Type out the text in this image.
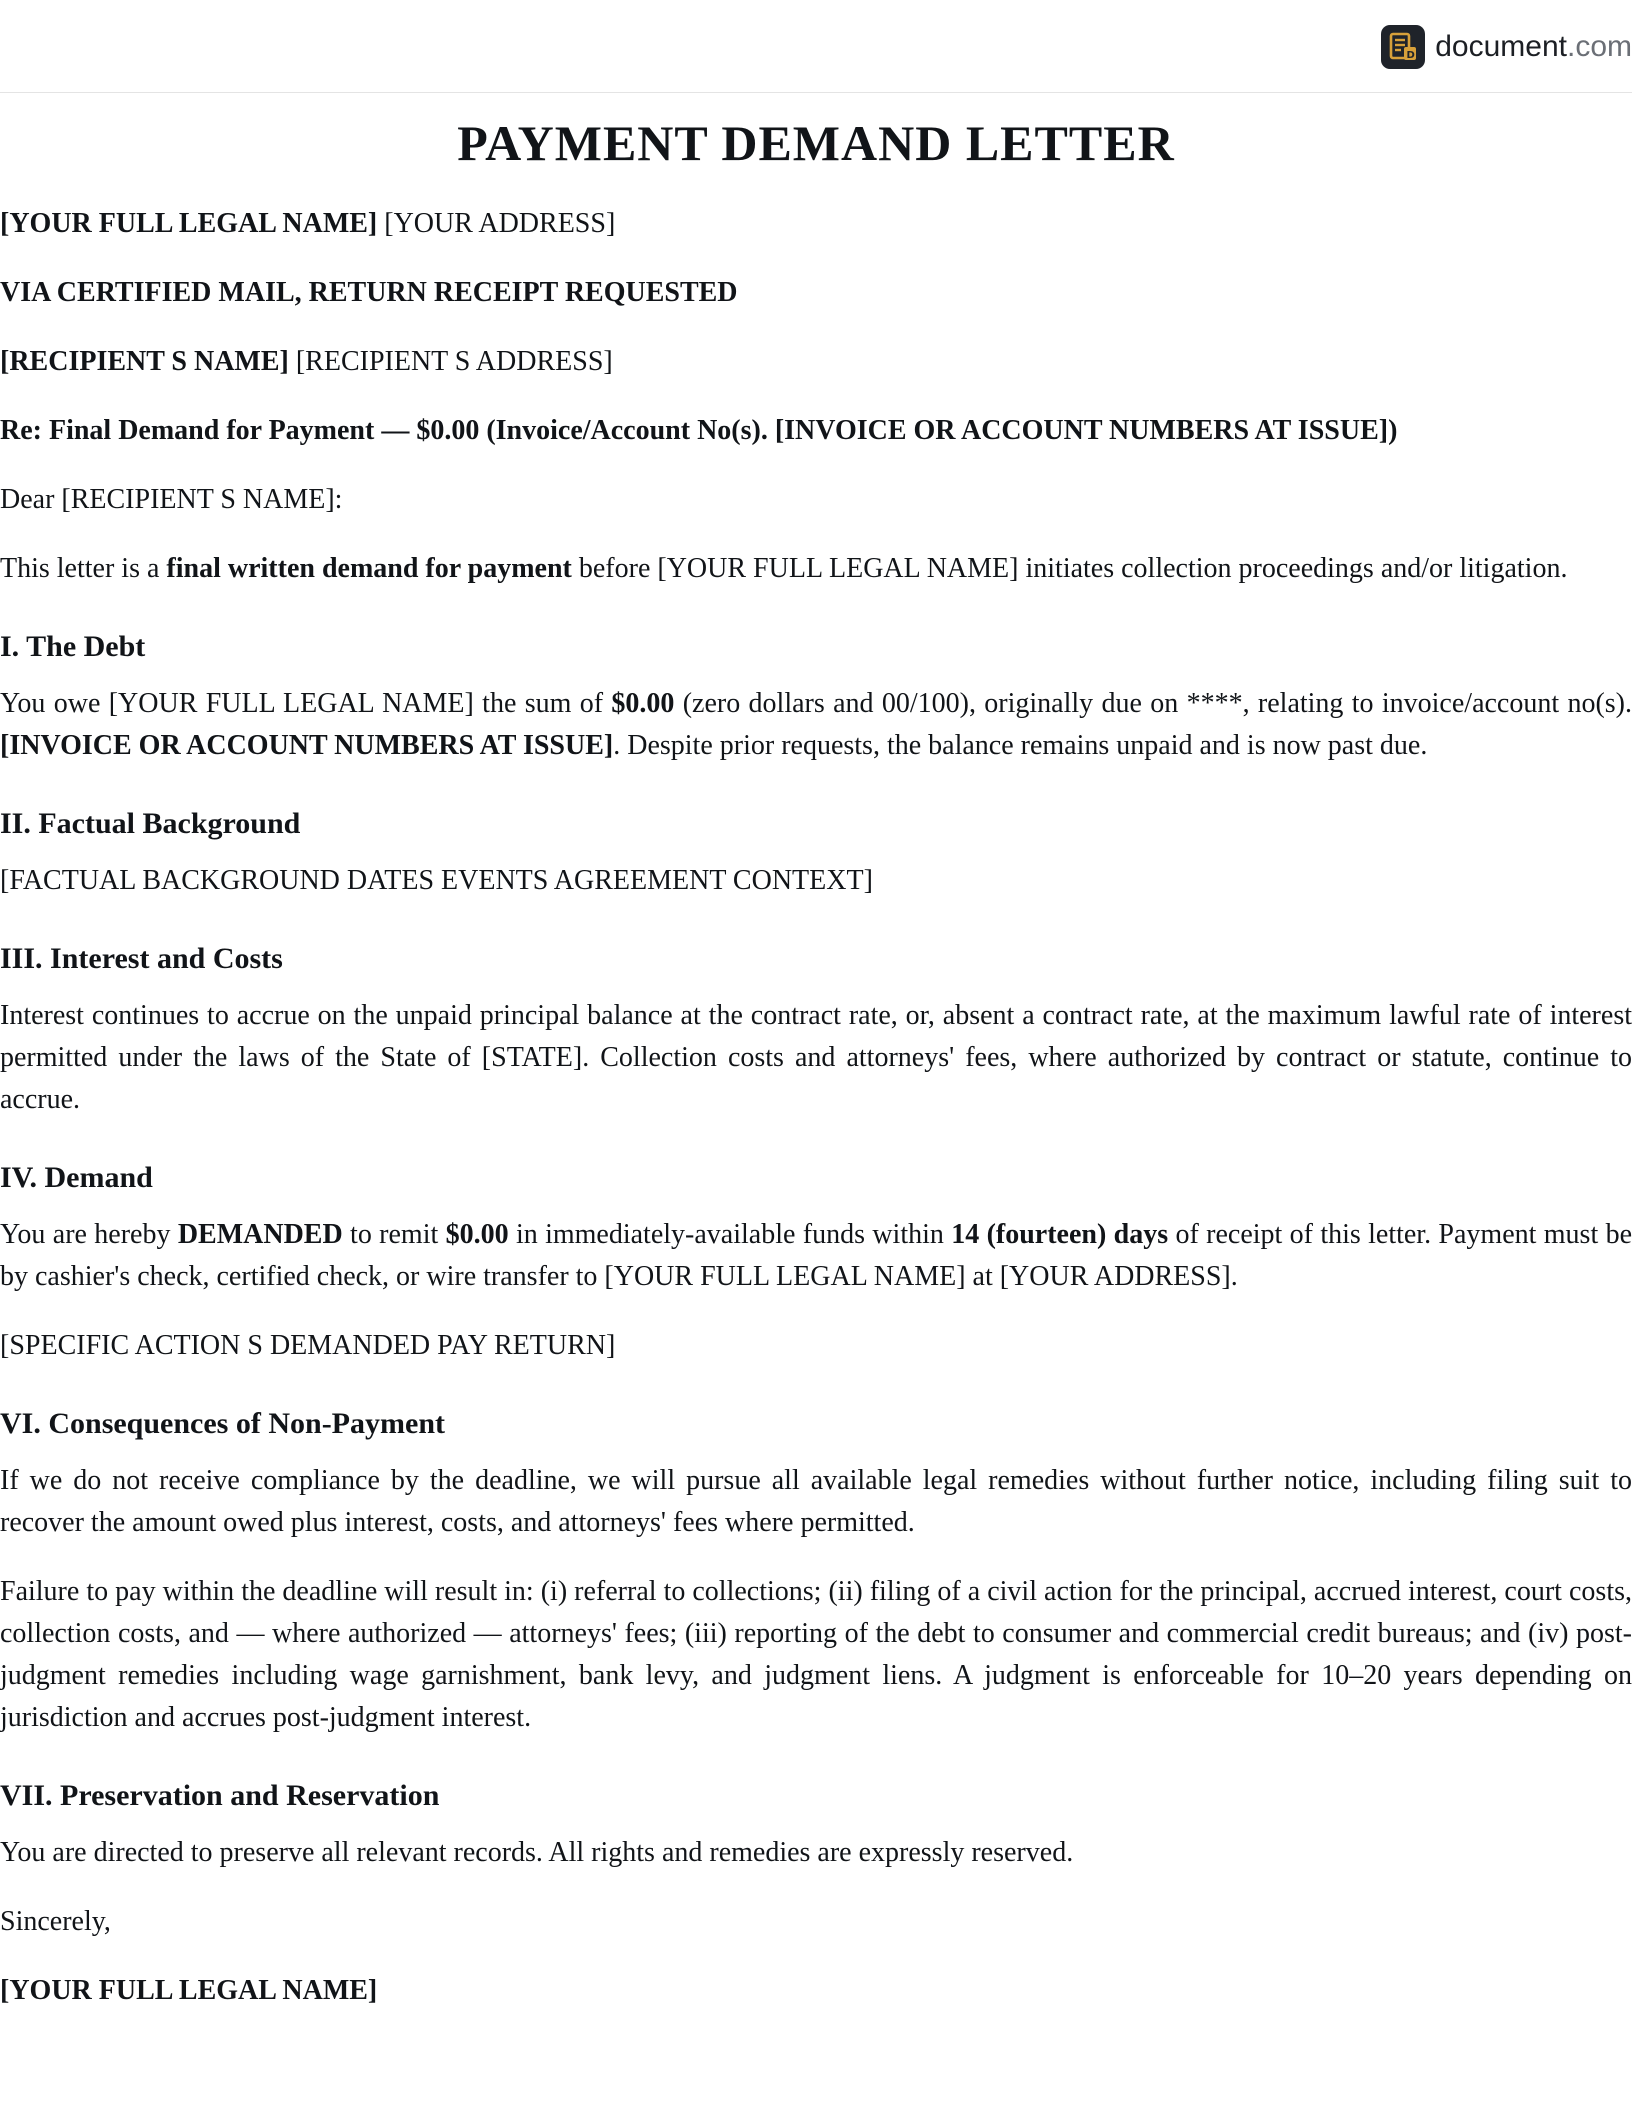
D document.com
PAYMENT DEMAND LETTER

[YOUR FULL LEGAL NAME] [YOUR ADDRESS]

VIA CERTIFIED MAIL, RETURN RECEIPT REQUESTED

[RECIPIENT S NAME] [RECIPIENT S ADDRESS]

Re: Final Demand for Payment — $0.00 (Invoice/Account No(s). [INVOICE OR ACCOUNT NUMBERS AT ISSUE])

Dear [RECIPIENT S NAME]:

This letter is a final written demand for payment before [YOUR FULL LEGAL NAME] initiates collection proceedings and/or litigation.

I. The Debt

You owe [YOUR FULL LEGAL NAME] the sum of $0.00 (zero dollars and 00/100), originally due on ****, relating to invoice/account no(s). [INVOICE OR ACCOUNT NUMBERS AT ISSUE]. Despite prior requests, the balance remains unpaid and is now past due.

II. Factual Background

[FACTUAL BACKGROUND DATES EVENTS AGREEMENT CONTEXT]

III. Interest and Costs

Interest continues to accrue on the unpaid principal balance at the contract rate, or, absent a contract rate, at the maximum lawful rate of interest permitted under the laws of the State of [STATE]. Collection costs and attorneys' fees, where authorized by contract or statute, continue to accrue.

IV. Demand

You are hereby DEMANDED to remit $0.00 in immediately-available funds within 14 (fourteen) days of receipt of this letter. Payment must be by cashier's check, certified check, or wire transfer to [YOUR FULL LEGAL NAME] at [YOUR ADDRESS].

[SPECIFIC ACTION S DEMANDED PAY RETURN]

VI. Consequences of Non-Payment

If we do not receive compliance by the deadline, we will pursue all available legal remedies without further notice, including filing suit to recover the amount owed plus interest, costs, and attorneys' fees where permitted.

Failure to pay within the deadline will result in: (i) referral to collections; (ii) filing of a civil action for the principal, accrued interest, court costs, collection costs, and — where authorized — attorneys' fees; (iii) reporting of the debt to consumer and commercial credit bureaus; and (iv) post-judgment remedies including wage garnishment, bank levy, and judgment liens. A judgment is enforceable for 10–20 years depending on jurisdiction and accrues post-judgment interest.

VII. Preservation and Reservation

You are directed to preserve all relevant records. All rights and remedies are expressly reserved.

Sincerely,

[YOUR FULL LEGAL NAME]
